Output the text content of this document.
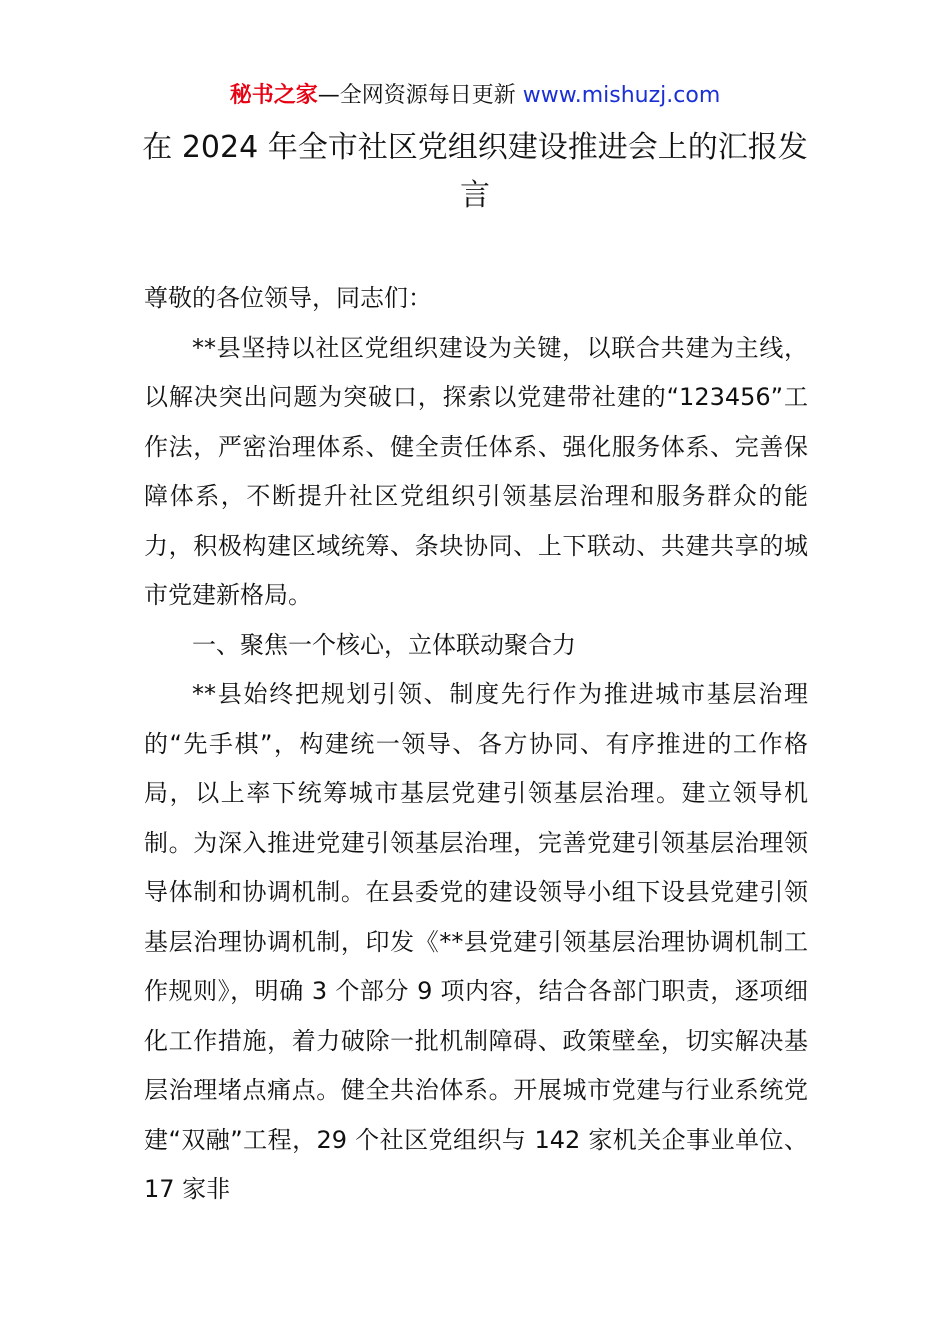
秘书之家—全网资源每日更新 www.mishuzj.com
在 2024 年全市社区党组织建设推进会上的汇报发言

尊敬的各位领导，同志们：

**县坚持以社区党组织建设为关键，以联合共建为主线，以解决突出问题为突破口，探索以党建带社建的“123456”工作法，严密治理体系、健全责任体系、强化服务体系、完善保障体系，不断提升社区党组织引领基层治理和服务群众的能力，积极构建区域统筹、条块协同、上下联动、共建共享的城市党建新格局。

一、聚焦一个核心，立体联动聚合力

**县始终把规划引领、制度先行作为推进城市基层治理的“先手棋”，构建统一领导、各方协同、有序推进的工作格局，以上率下统筹城市基层党建引领基层治理。建立领导机制。为深入推进党建引领基层治理，完善党建引领基层治理领导体制和协调机制。在县委党的建设领导小组下设县党建引领基层治理协调机制，印发《**县党建引领基层治理协调机制工作规则》，明确 3 个部分 9 项内容，结合各部门职责，逐项细化工作措施，着力破除一批机制障碍、政策壁垒，切实解决基层治理堵点痛点。健全共治体系。开展城市党建与行业系统党建“双融”工程，29 个社区党组织与 142 家机关企事业单位、17 家非
